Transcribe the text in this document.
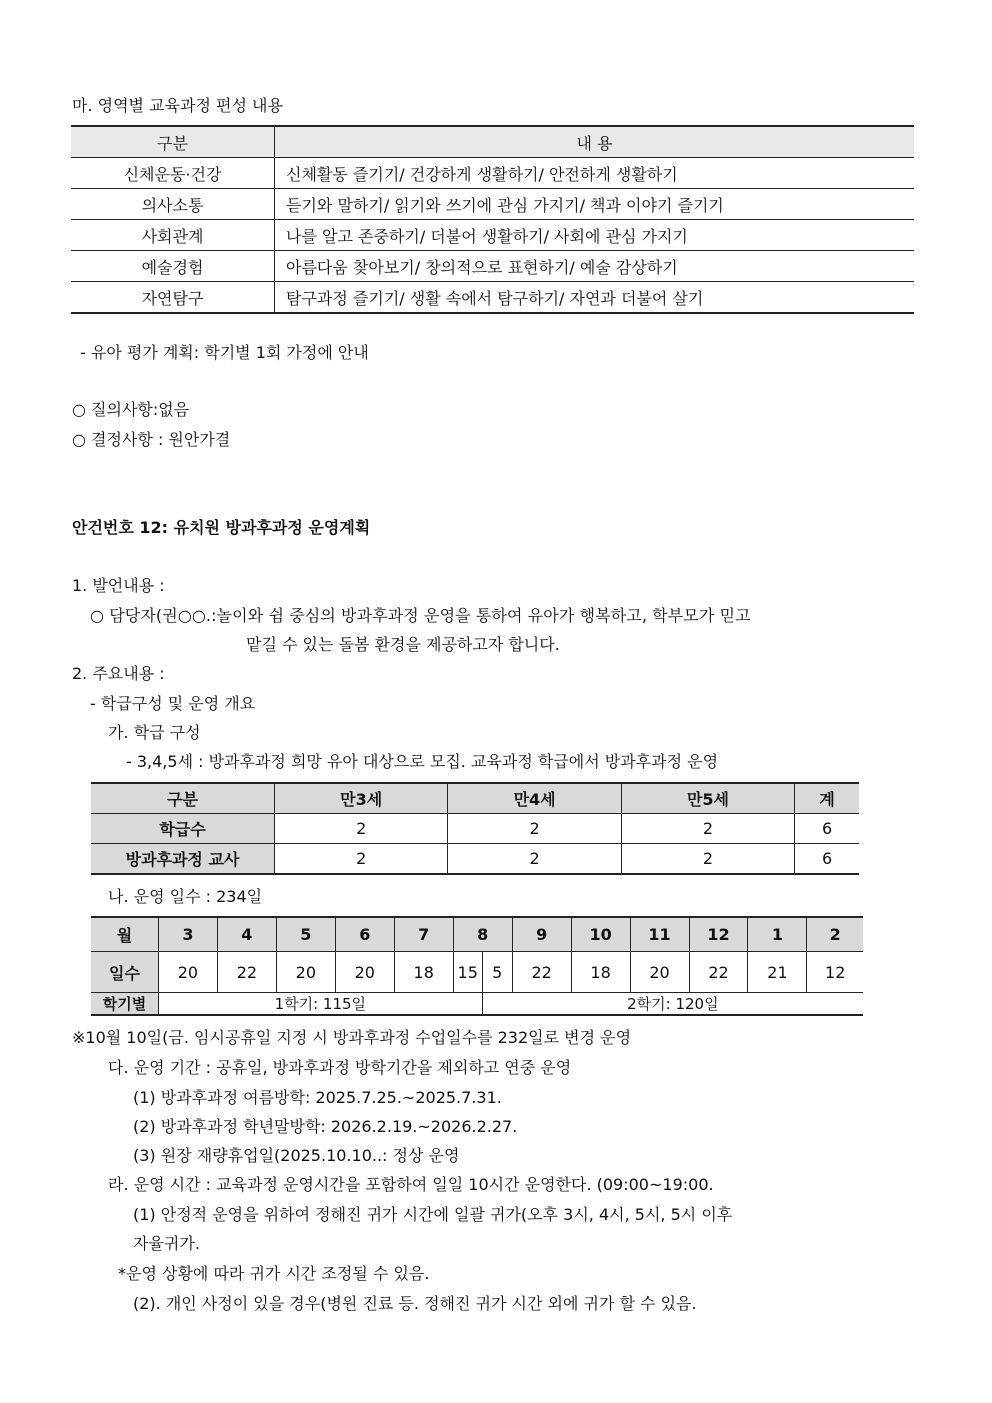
마. 영역별 교육과정 편성 내용
구분	내 용
신체운동·건강	신체활동 즐기기/ 건강하게 생활하기/ 안전하게 생활하기
의사소통	듣기와 말하기/ 읽기와 쓰기에 관심 가지기/ 책과 이야기 즐기기
사회관계	나를 알고 존중하기/ 더불어 생활하기/ 사회에 관심 가지기
예술경험	아름다움 찾아보기/ 창의적으로 표현하기/ 예술 감상하기
자연탐구	탐구과정 즐기기/ 생활 속에서 탐구하기/ 자연과 더불어 살기
- 유아 평가 계획: 학기별 1회 가정에 안내
○ 질의사항:없음
○ 결정사항 : 원안가결
안건번호 12: 유치원 방과후과정 운영계획
1. 발언내용 :
○ 담당자(권○○.:놀이와 쉼 중심의 방과후과정 운영을 통하여 유아가 행복하고, 학부모가 믿고
맡길 수 있는 돌봄 환경을 제공하고자 합니다.
2. 주요내용 :
- 학급구성 및 운영 개요
가. 학급 구성
- 3,4,5세 : 방과후과정 희망 유아 대상으로 모집. 교육과정 학급에서 방과후과정 운영
구분	만3세	만4세	만5세	계
학급수	2	2	2	6
방과후과정 교사	2	2	2	6
나. 운영 일수 : 234일
월	3	4	5	6	7	8		9	10	11	12	1	2
일수	20	22	20	20	18	15	5	22	18	20	22	21	12
학기별	1학기: 115일						2학기: 120일						
※10월 10일(금. 임시공휴일 지정 시 방과후과정 수업일수를 232일로 변경 운영
다. 운영 기간 : 공휴일, 방과후과정 방학기간을 제외하고 연중 운영
(1) 방과후과정 여름방학: 2025.7.25.~2025.7.31.
(2) 방과후과정 학년말방학: 2026.2.19.~2026.2.27.
(3) 원장 재량휴업일(2025.10.10..: 정상 운영
라. 운영 시간 : 교육과정 운영시간을 포함하여 일일 10시간 운영한다. (09:00~19:00.
(1) 안정적 운영을 위하여 정해진 귀가 시간에 일괄 귀가(오후 3시, 4시, 5시, 5시 이후
자율귀가.
*운영 상황에 따라 귀가 시간 조정될 수 있음.
(2). 개인 사정이 있을 경우(병원 진료 등. 정해진 귀가 시간 외에 귀가 할 수 있음.
